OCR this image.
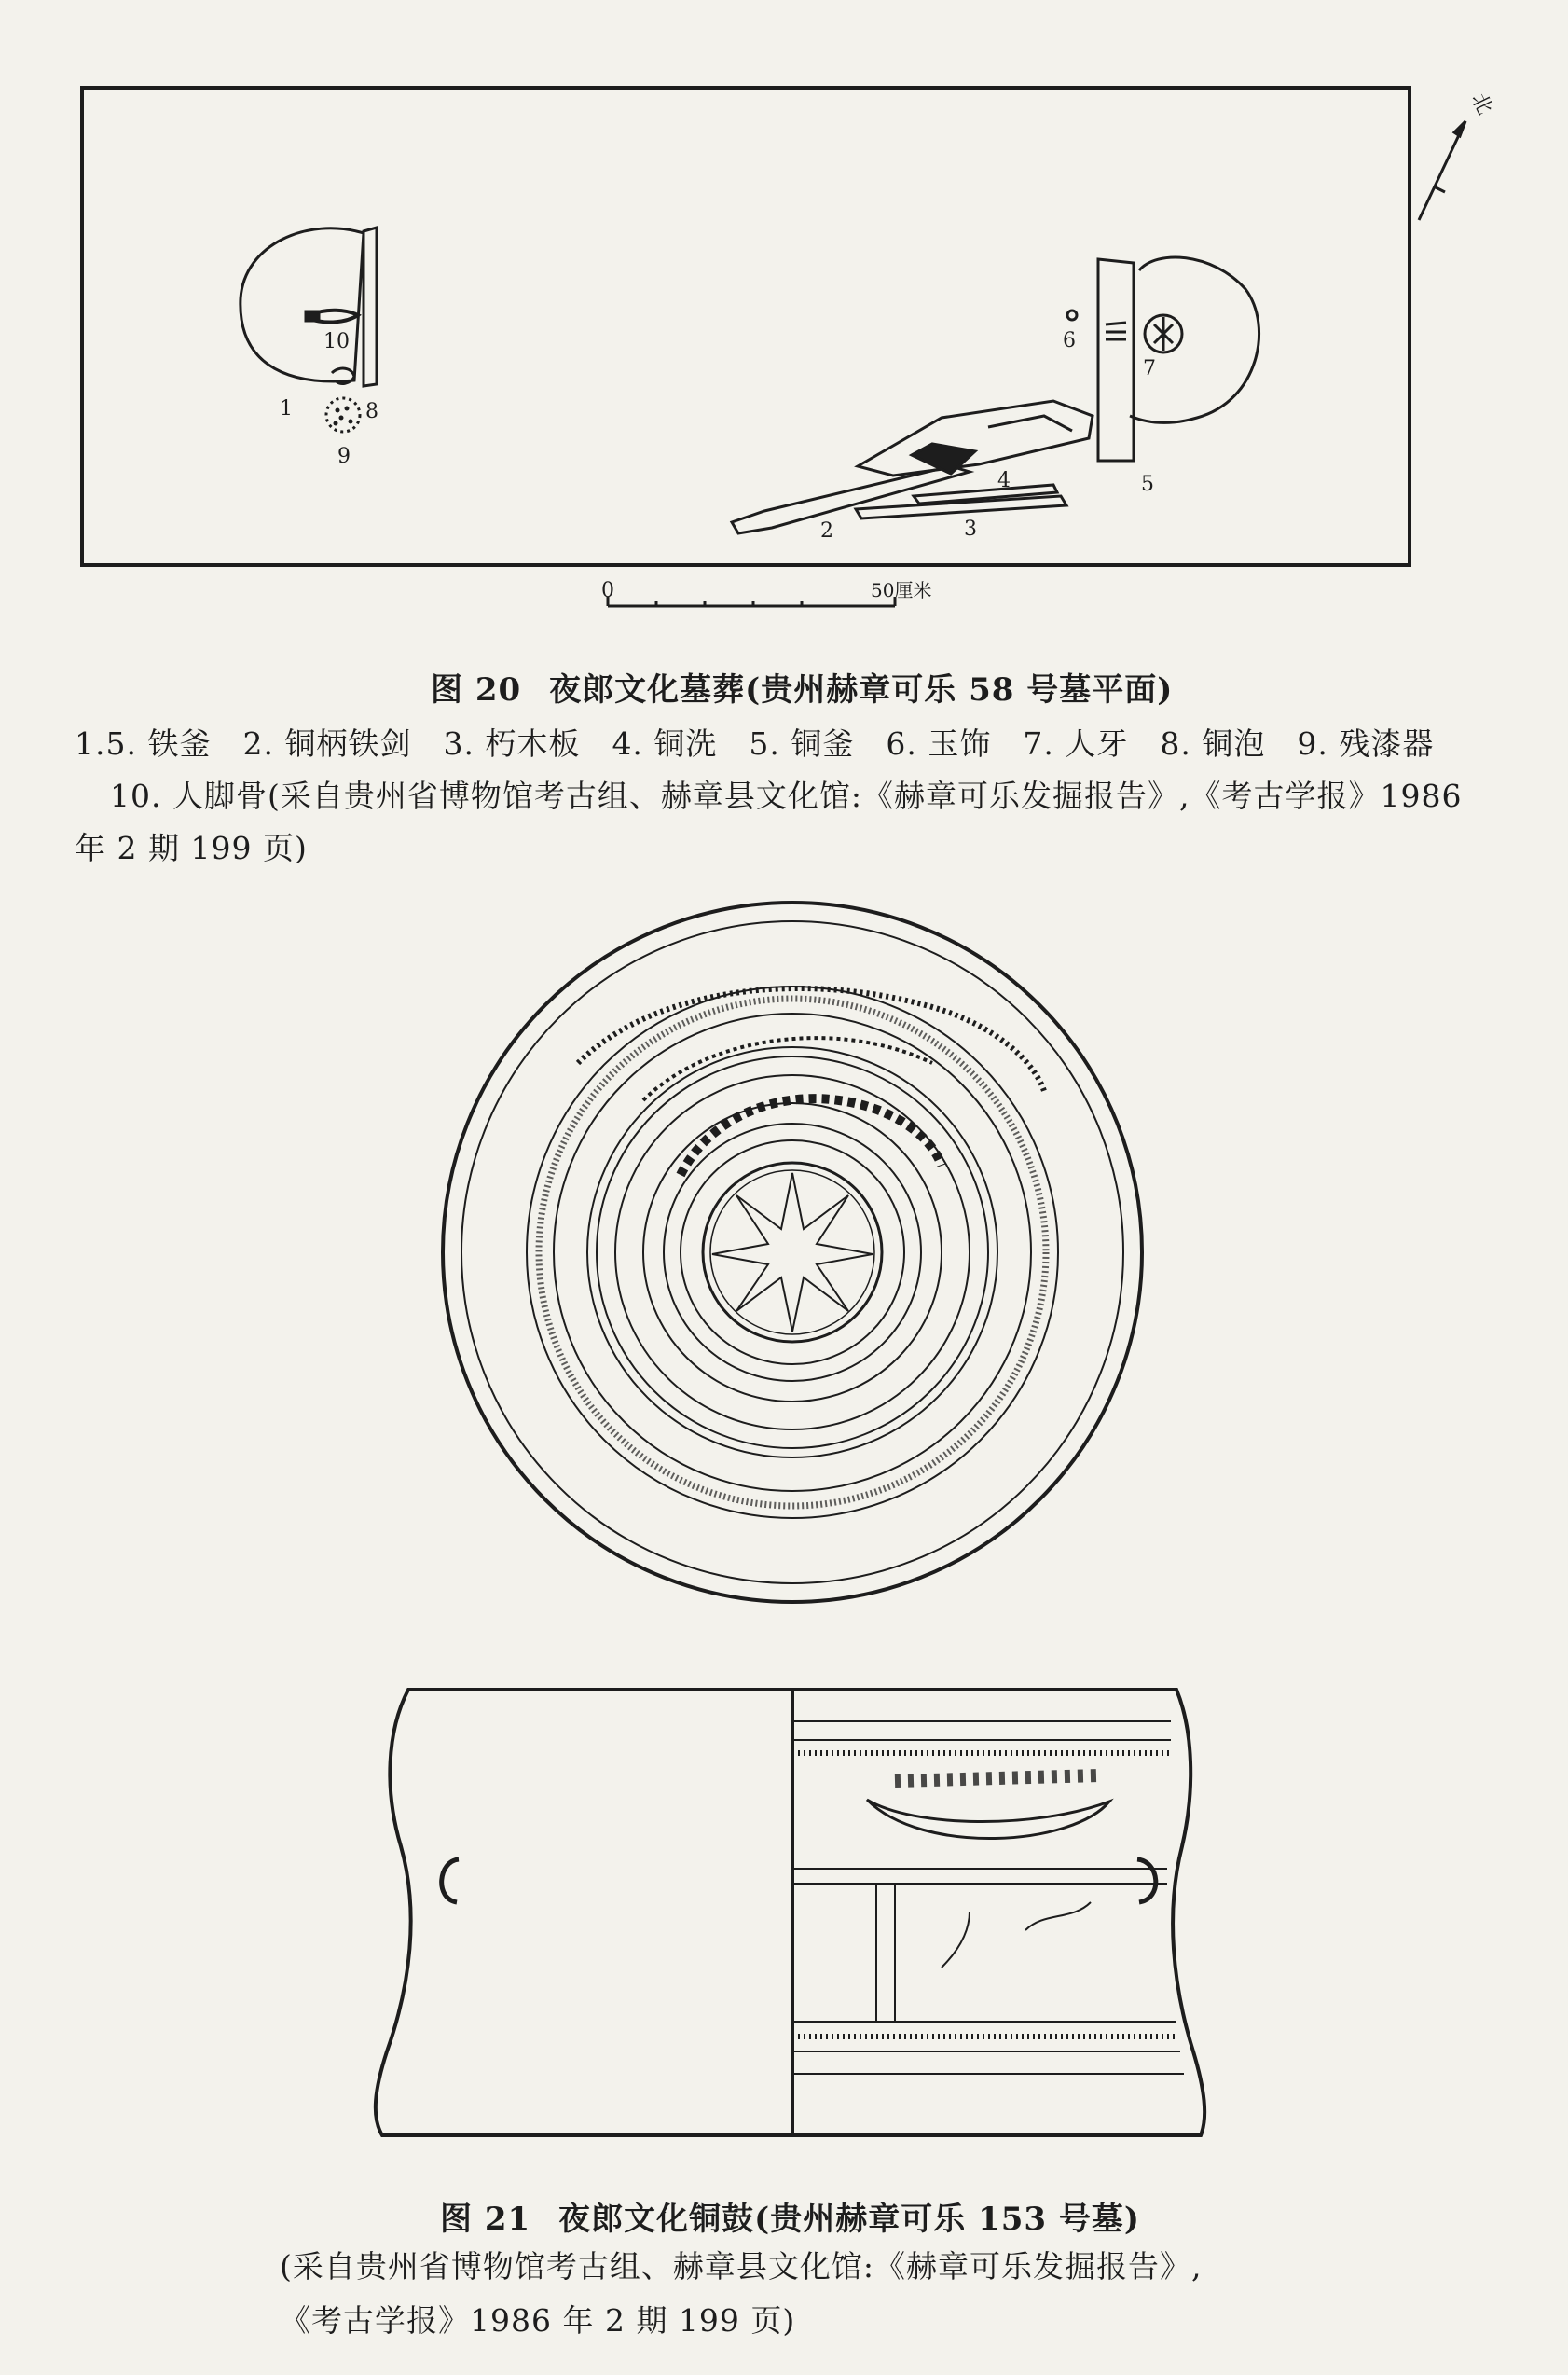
10
1	8
9
6
7
5
4
2	3
0	50厘米
北
图 20 夜郎文化墓葬(贵州赫章可乐 58 号墓平面)
1.5. 铁釜 2. 铜柄铁剑 3. 朽木板 4. 铜洗 5. 铜釜 6. 玉饰 7. 人牙 8. 铜泡 9. 残漆器
10. 人脚骨(采自贵州省博物馆考古组、赫章县文化馆:《赫章可乐发掘报告》,《考古学报》1986
年 2 期 199 页)
图 21 夜郎文化铜鼓(贵州赫章可乐 153 号墓)
(采自贵州省博物馆考古组、赫章县文化馆:《赫章可乐发掘报告》,
《考古学报》1986 年 2 期 199 页)
